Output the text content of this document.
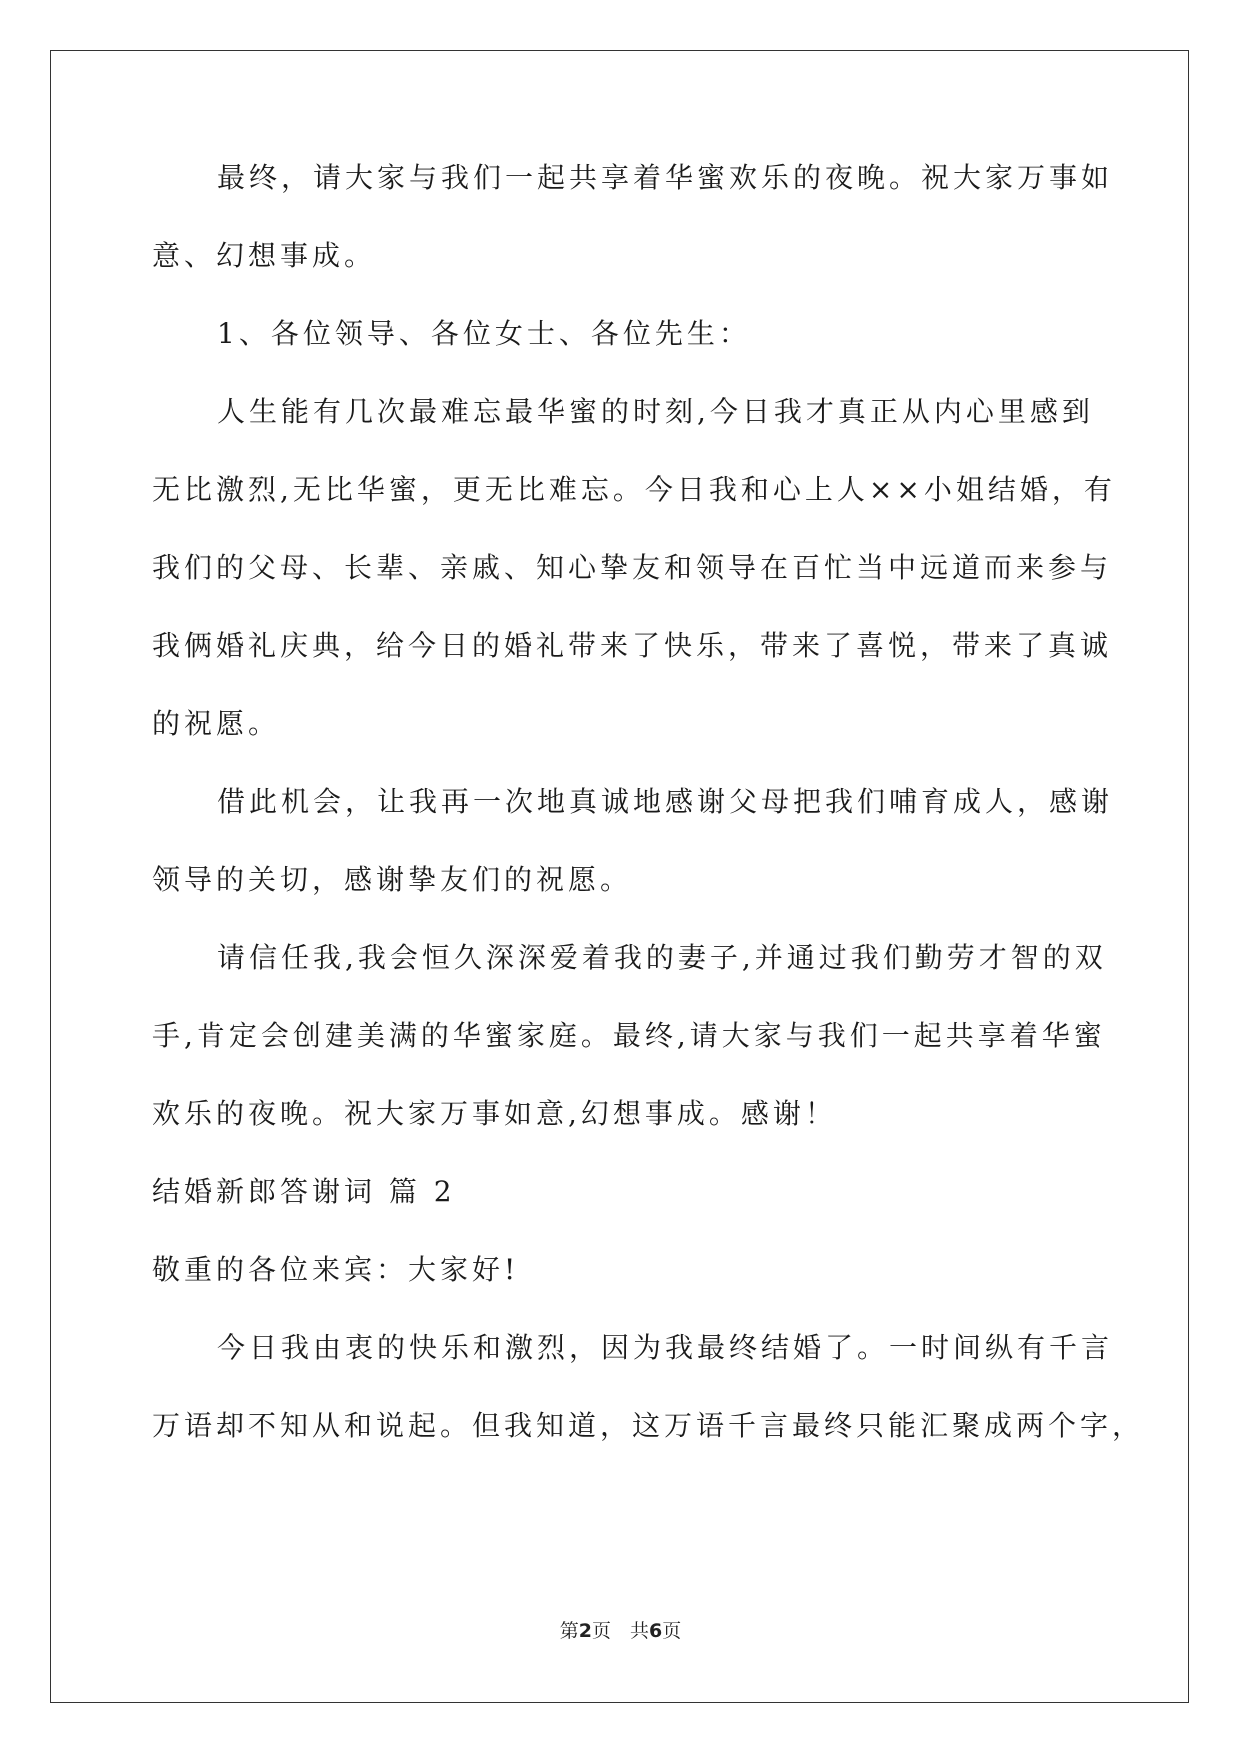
最终，请大家与我们一起共享着华蜜欢乐的夜晚。祝大家万事如

意、幻想事成。

1、各位领导、各位女士、各位先生：

人生能有几次最难忘最华蜜的时刻,今日我才真正从内心里感到

无比激烈,无比华蜜，更无比难忘。今日我和心上人××小姐结婚，有

我们的父母、长辈、亲戚、知心挚友和领导在百忙当中远道而来参与

我俩婚礼庆典，给今日的婚礼带来了快乐，带来了喜悦，带来了真诚

的祝愿。

借此机会，让我再一次地真诚地感谢父母把我们哺育成人，感谢

领导的关切，感谢挚友们的祝愿。

请信任我,我会恒久深深爱着我的妻子,并通过我们勤劳才智的双

手,肯定会创建美满的华蜜家庭。最终,请大家与我们一起共享着华蜜

欢乐的夜晚。祝大家万事如意,幻想事成。感谢！

结婚新郎答谢词 篇 2

敬重的各位来宾：大家好!

今日我由衷的快乐和激烈，因为我最终结婚了。一时间纵有千言

万语却不知从和说起。但我知道，这万语千言最终只能汇聚成两个字，

第2页　共6页
